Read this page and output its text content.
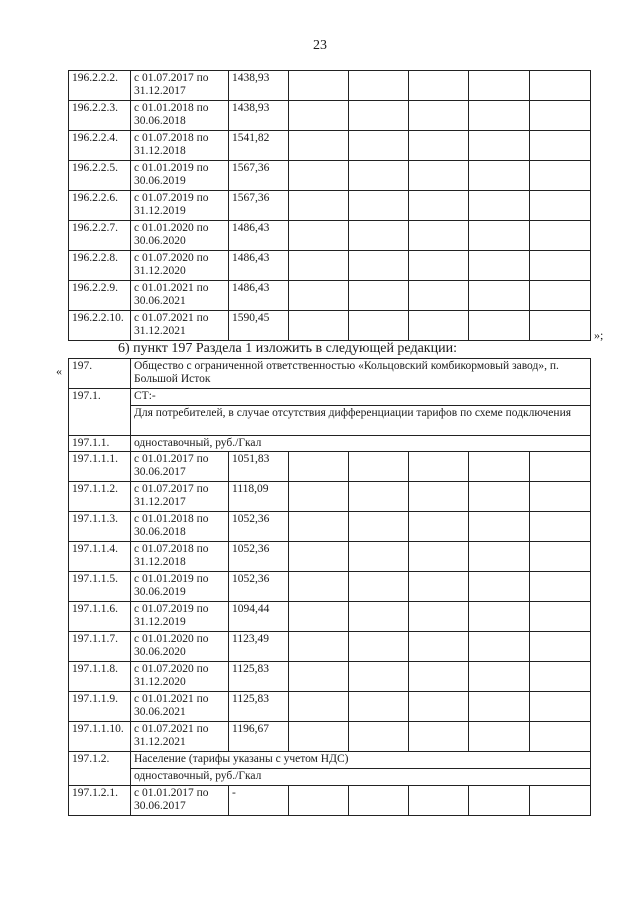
23
196.2.2.2.	с 01.07.2017 по 31.12.2017	1438,93					
196.2.2.3.	с 01.01.2018 по 30.06.2018	1438,93					
196.2.2.4.	с 01.07.2018 по 31.12.2018	1541,82					
196.2.2.5.	с 01.01.2019 по 30.06.2019	1567,36					
196.2.2.6.	с 01.07.2019 по 31.12.2019	1567,36					
196.2.2.7.	с 01.01.2020 по 30.06.2020	1486,43					
196.2.2.8.	с 01.07.2020 по 31.12.2020	1486,43					
196.2.2.9.	с 01.01.2021 по 30.06.2021	1486,43					
196.2.2.10.	с 01.07.2021 по 31.12.2021	1590,45					
»;
6) пункт 197 Раздела 1 изложить в следующей редакции:
« 197.	Общество с ограниченной ответственностью «Кольцовский комбикормовый завод», п. Большой Исток						
197.1.	СТ:-						
	Для потребителей, в случае отсутствия дифференциации тарифов по схеме подключения						
197.1.1.	одноставочный, руб./Гкал						
197.1.1.1.	с 01.01.2017 по 30.06.2017	1051,83					
197.1.1.2.	с 01.07.2017 по 31.12.2017	1118,09					
197.1.1.3.	с 01.01.2018 по 30.06.2018	1052,36					
197.1.1.4.	с 01.07.2018 по 31.12.2018	1052,36					
197.1.1.5.	с 01.01.2019 по 30.06.2019	1052,36					
197.1.1.6.	с 01.07.2019 по 31.12.2019	1094,44					
197.1.1.7.	с 01.01.2020 по 30.06.2020	1123,49					
197.1.1.8.	с 01.07.2020 по 31.12.2020	1125,83					
197.1.1.9.	с 01.01.2021 по 30.06.2021	1125,83					
197.1.1.10.	с 01.07.2021 по 31.12.2021	1196,67					
197.1.2.	Население (тарифы указаны с учетом НДС)						
	одноставочный, руб./Гкал						
197.1.2.1.	с 01.01.2017 по 30.06.2017	-					
